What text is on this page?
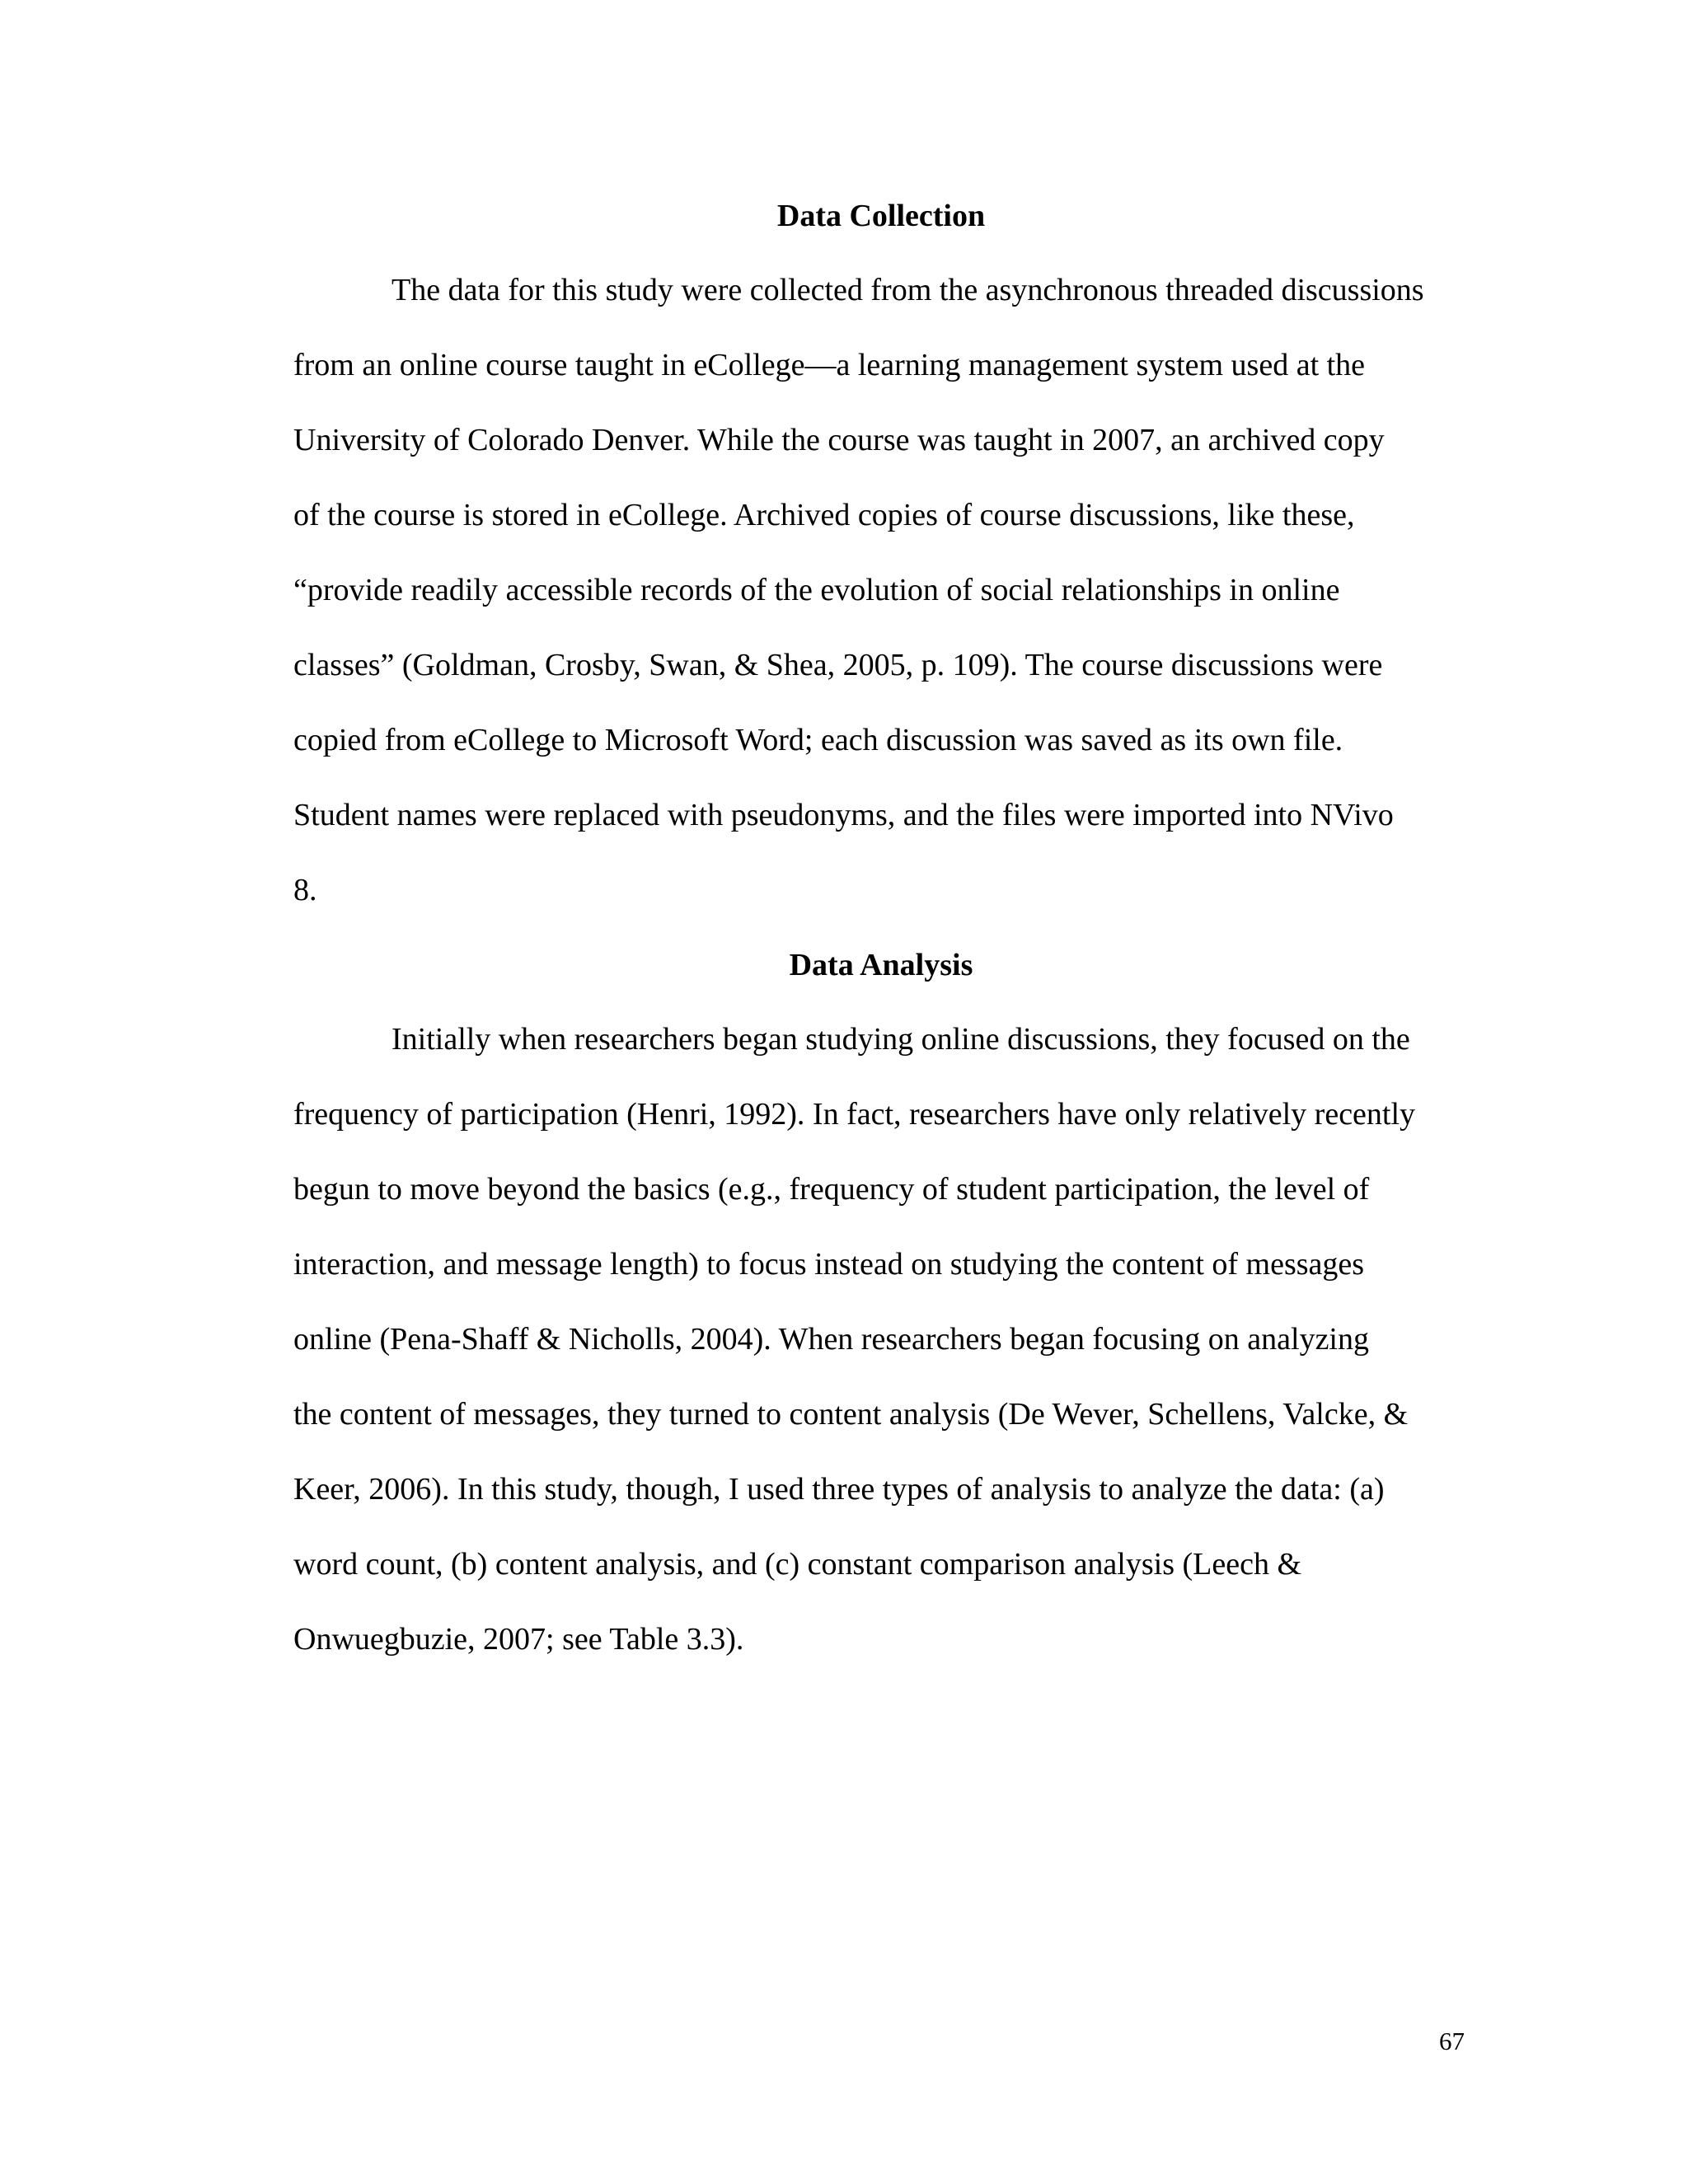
Data Collection

The data for this study were collected from the asynchronous threaded discussions

from an online course taught in eCollege—a learning management system used at the

University of Colorado Denver. While the course was taught in 2007, an archived copy

of the course is stored in eCollege. Archived copies of course discussions, like these,

“provide readily accessible records of the evolution of social relationships in online

classes” (Goldman, Crosby, Swan, & Shea, 2005, p. 109). The course discussions were

copied from eCollege to Microsoft Word; each discussion was saved as its own file.

Student names were replaced with pseudonyms, and the files were imported into NVivo

8.

Data Analysis

Initially when researchers began studying online discussions, they focused on the

frequency of participation (Henri, 1992). In fact, researchers have only relatively recently

begun to move beyond the basics (e.g., frequency of student participation, the level of

interaction, and message length) to focus instead on studying the content of messages

online (Pena-Shaff & Nicholls, 2004). When researchers began focusing on analyzing

the content of messages, they turned to content analysis (De Wever, Schellens, Valcke, &

Keer, 2006). In this study, though, I used three types of analysis to analyze the data: (a)

word count, (b) content analysis, and (c) constant comparison analysis (Leech &

Onwuegbuzie, 2007; see Table 3.3).

67
